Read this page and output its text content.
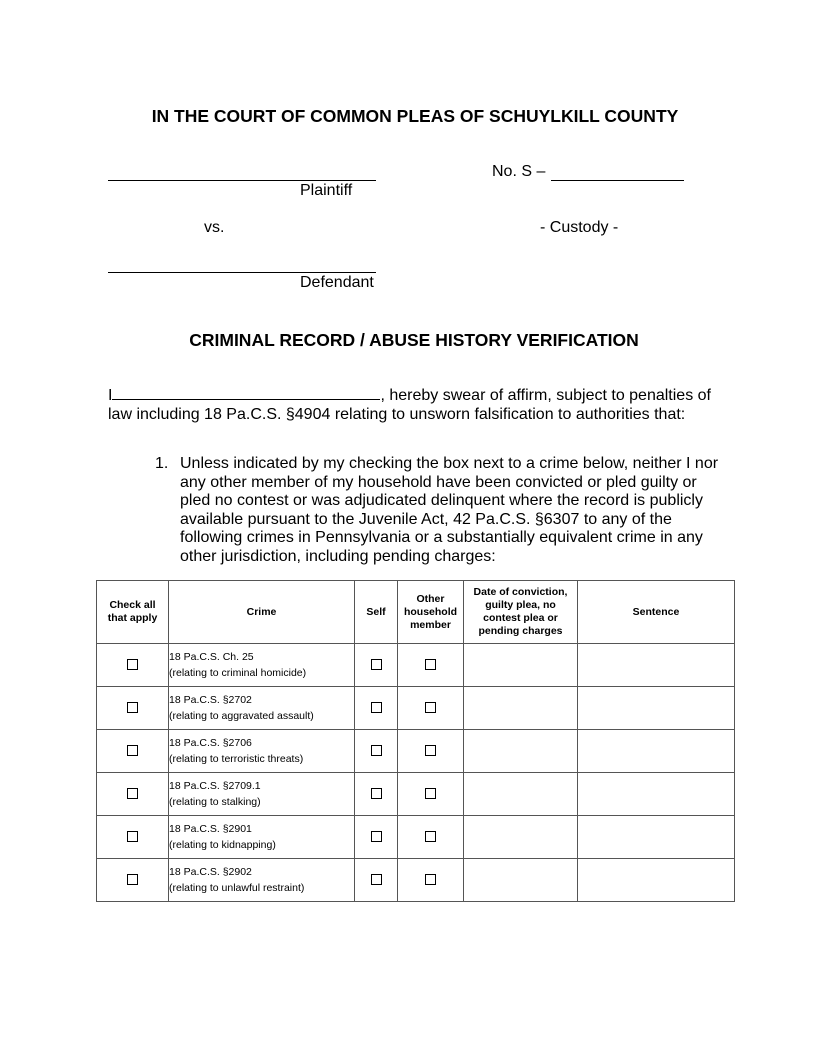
IN THE COURT OF COMMON PLEAS OF SCHUYLKILL COUNTY
Plaintiff
No. S –
vs.	- Custody -
Defendant
CRIMINAL RECORD / ABUSE HISTORY VERIFICATION
I	, hereby swear of affirm, subject to penalties of
law including 18 Pa.C.S. §4904 relating to unsworn falsification to authorities that:
1. Unless indicated by my checking the box next to a crime below, neither I nor
any other member of my household have been convicted or pled guilty or
pled no contest or was adjudicated delinquent where the record is publicly
available pursuant to the Juvenile Act, 42 Pa.C.S. §6307 to any of the
following crimes in Pennsylvania or a substantially equivalent crime in any
other jurisdiction, including pending charges:
Check all that apply	Crime	Self	Other household member	Date of conviction, guilty plea, no contest plea or pending charges	Sentence

	18 Pa.C.S. Ch. 25
(relating to criminal homicide)				

	18 Pa.C.S. §2702
(relating to aggravated assault)				

	18 Pa.C.S. §2706
(relating to terroristic threats)				

	18 Pa.C.S. §2709.1
(relating to stalking)				

	18 Pa.C.S. §2901
(relating to kidnapping)				

	18 Pa.C.S. §2902
(relating to unlawful restraint)				
